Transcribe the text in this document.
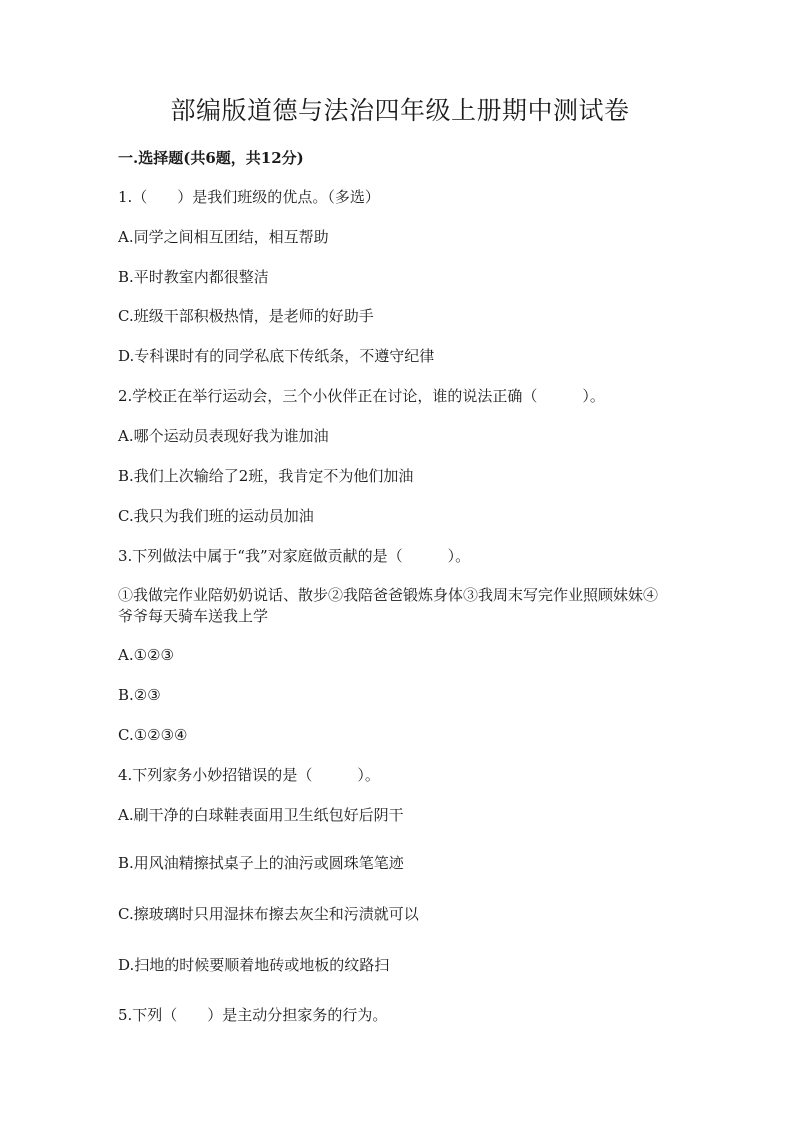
部编版道德与法治四年级上册期中测试卷
一.选择题(共6题，共12分)
1.（　　）是我们班级的优点。（多选）
A.同学之间相互团结，相互帮助
B.平时教室内都很整洁
C.班级干部积极热情，是老师的好助手
D.专科课时有的同学私底下传纸条，不遵守纪律
2.学校正在举行运动会，三个小伙伴正在讨论，谁的说法正确（　　　）。
A.哪个运动员表现好我为谁加油
B.我们上次输给了2班，我肯定不为他们加油
C.我只为我们班的运动员加油
3.下列做法中属于“我”对家庭做贡献的是（　　　）。
①我做完作业陪奶奶说话、散步②我陪爸爸锻炼身体③我周末写完作业照顾妹妹④爷爷每天骑车送我上学
A.①②③
B.②③
C.①②③④
4.下列家务小妙招错误的是（　　　）。
A.刷干净的白球鞋表面用卫生纸包好后阴干
B.用风油精擦拭桌子上的油污或圆珠笔笔迹
C.擦玻璃时只用湿抹布擦去灰尘和污渍就可以
D.扫地的时候要顺着地砖或地板的纹路扫
5.下列（　　）是主动分担家务的行为。
